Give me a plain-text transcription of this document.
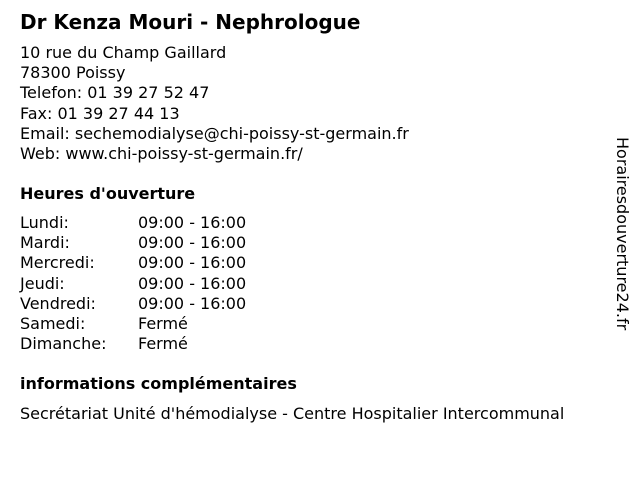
Dr Kenza Mouri - Nephrologue
10 rue du Champ Gaillard
78300 Poissy
Telefon: 01 39 27 52 47
Fax: 01 39 27 44 13
Email: sechemodialyse@chi-poissy-st-germain.fr
Web: www.chi-poissy-st-germain.fr/
Heures d'ouverture
Lundi:	09:00 - 16:00
Mardi:	09:00 - 16:00
Mercredi:	09:00 - 16:00
Jeudi:	09:00 - 16:00
Vendredi:	09:00 - 16:00
Samedi:	Fermé
Dimanche: Fermé
informations complémentaires
Secrétariat Unité d'hémodialyse - Centre Hospitalier Intercommunal
Horairesdouverture24.fr
